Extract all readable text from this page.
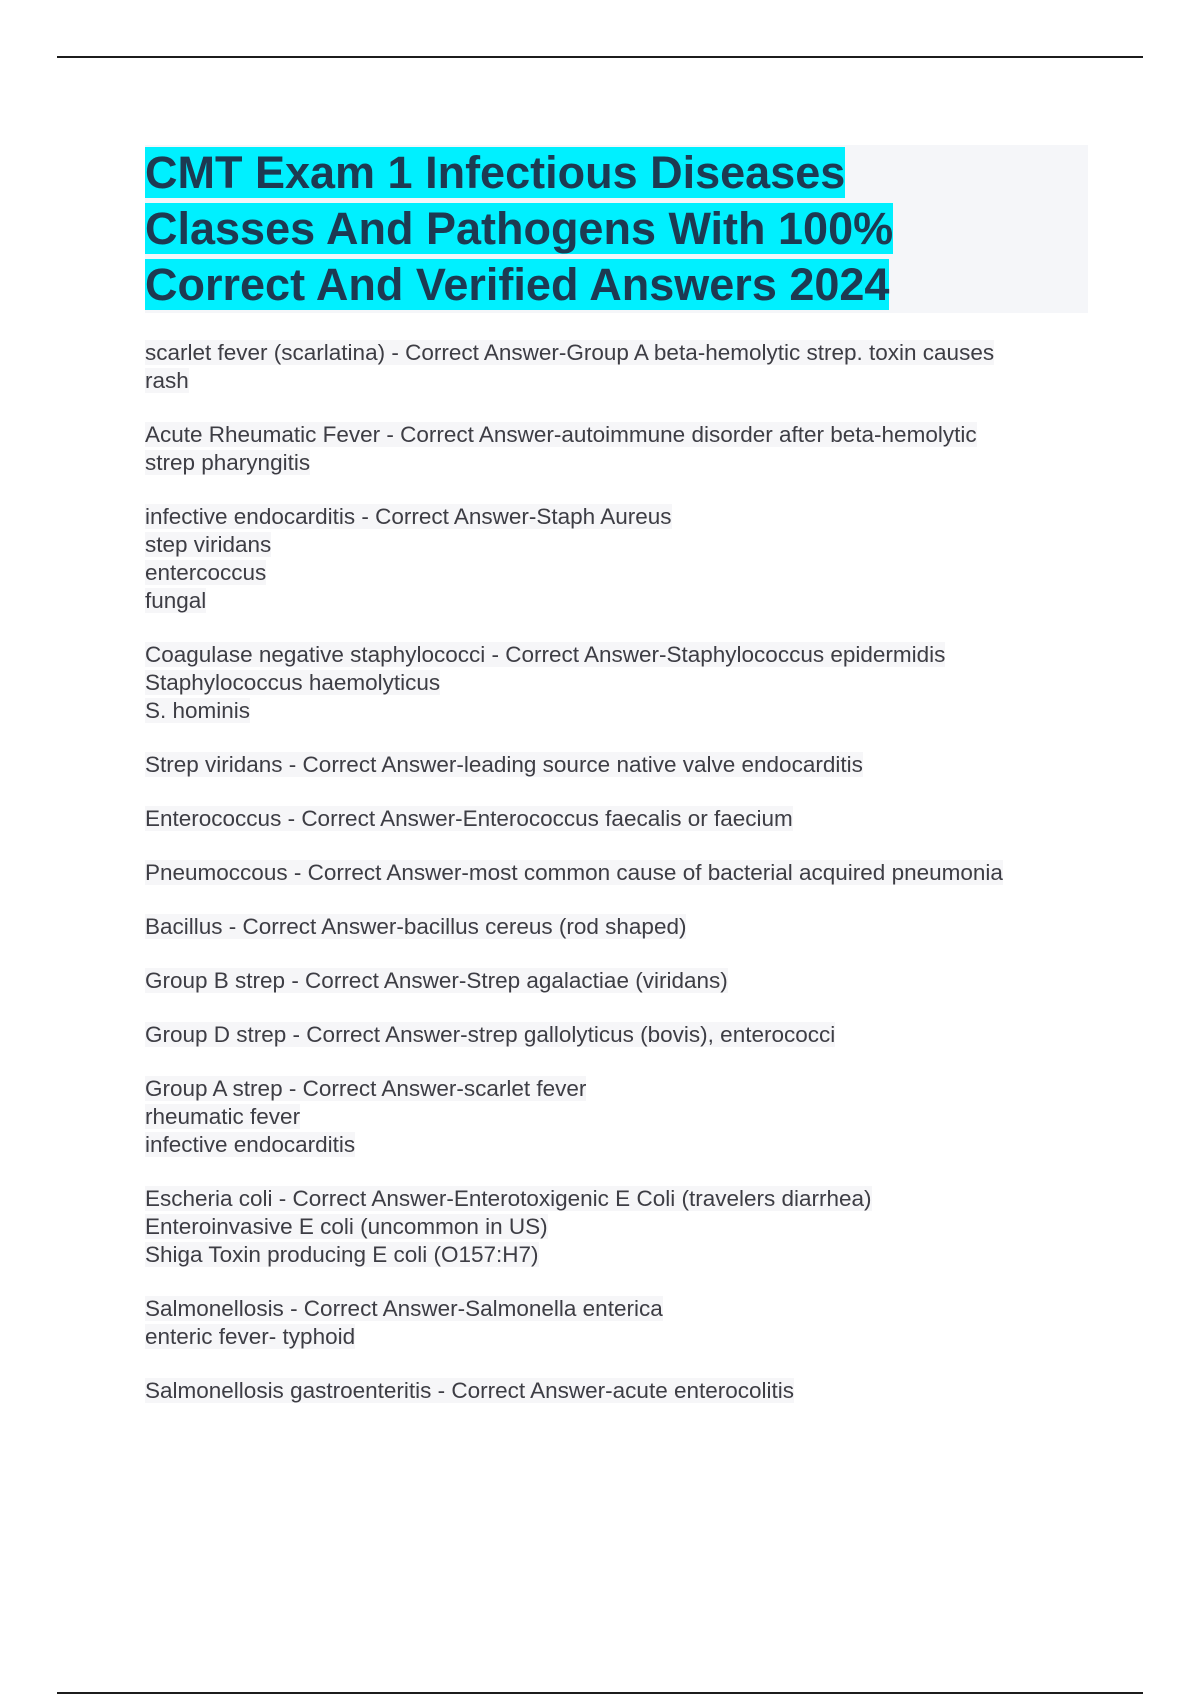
CMT Exam 1 Infectious Diseases
Classes And Pathogens With 100%
Correct And Verified Answers 2024

scarlet fever (scarlatina) - Correct Answer-Group A beta-hemolytic strep. toxin causes
rash

Acute Rheumatic Fever - Correct Answer-autoimmune disorder after beta-hemolytic
strep pharyngitis

infective endocarditis - Correct Answer-Staph Aureus
step viridans
entercoccus
fungal

Coagulase negative staphylococci - Correct Answer-Staphylococcus epidermidis
Staphylococcus haemolyticus
S. hominis

Strep viridans - Correct Answer-leading source native valve endocarditis

Enterococcus - Correct Answer-Enterococcus faecalis or faecium

Pneumoccous - Correct Answer-most common cause of bacterial acquired pneumonia

Bacillus - Correct Answer-bacillus cereus (rod shaped)

Group B strep - Correct Answer-Strep agalactiae (viridans)

Group D strep - Correct Answer-strep gallolyticus (bovis), enterococci

Group A strep - Correct Answer-scarlet fever
rheumatic fever
infective endocarditis

Escheria coli - Correct Answer-Enterotoxigenic E Coli (travelers diarrhea)
Enteroinvasive E coli (uncommon in US)
Shiga Toxin producing E coli (O157:H7)

Salmonellosis - Correct Answer-Salmonella enterica
enteric fever- typhoid

Salmonellosis gastroenteritis - Correct Answer-acute enterocolitis
